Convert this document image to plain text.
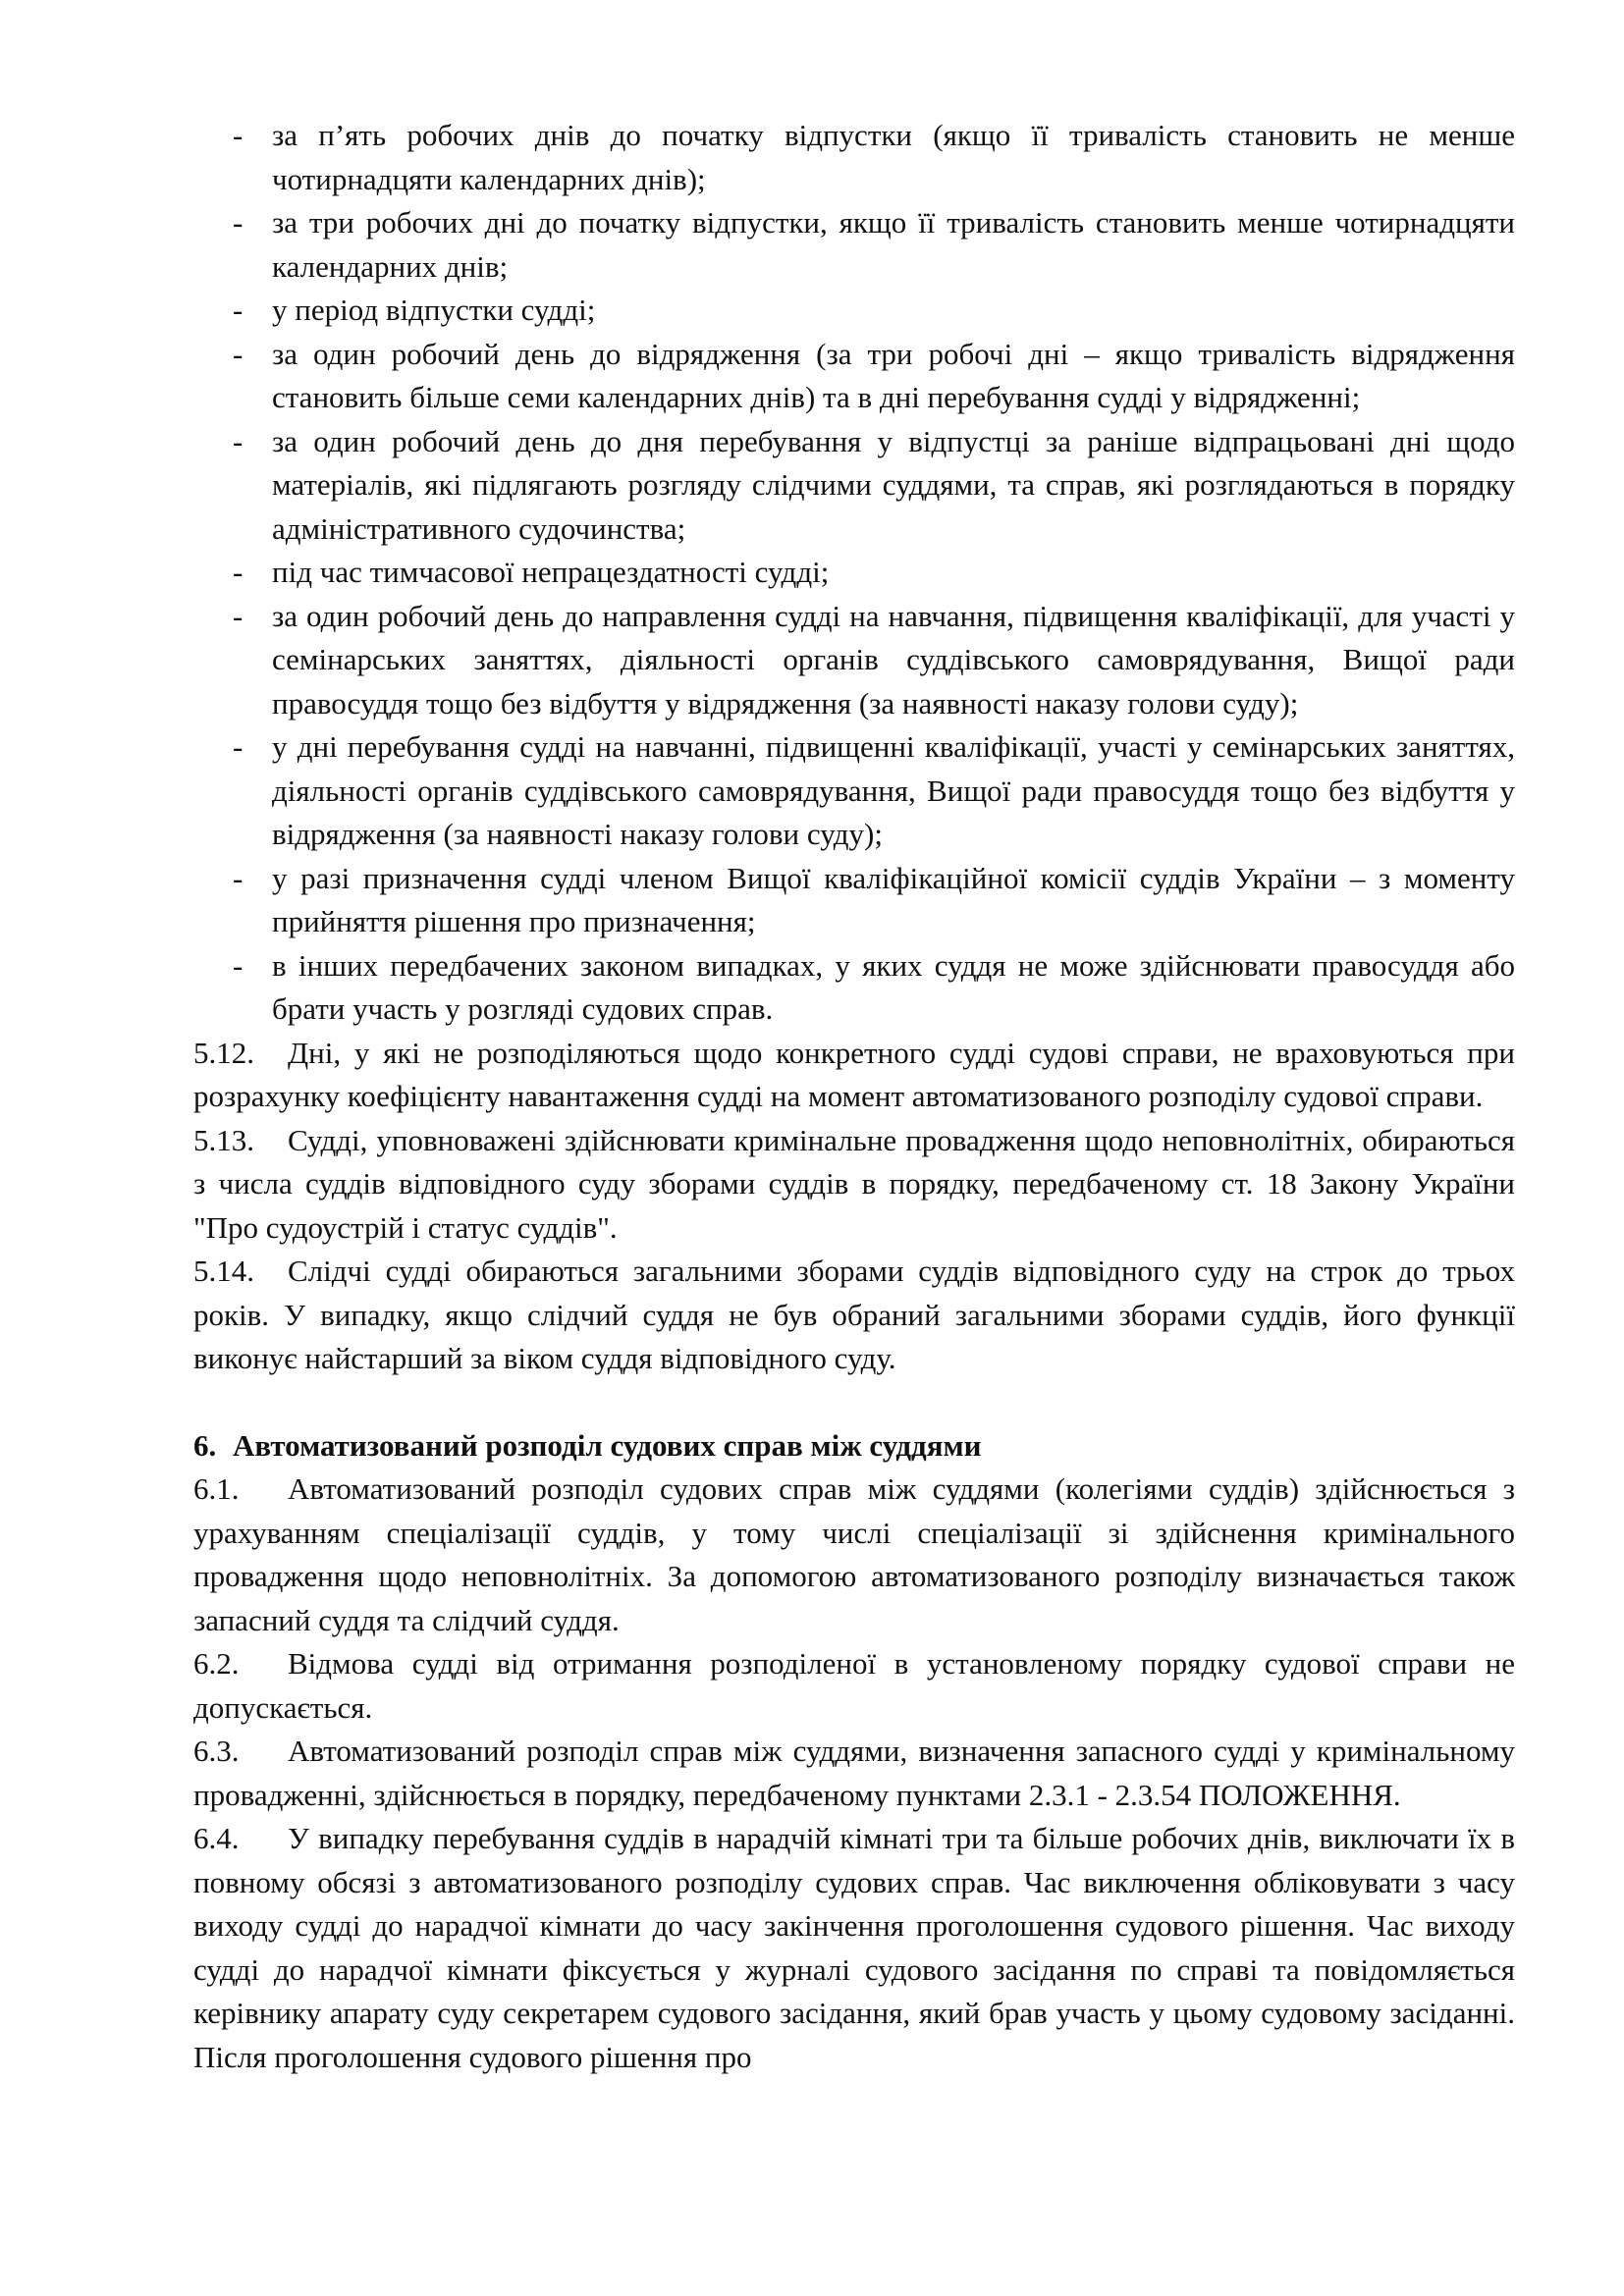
- за п’ять робочих днів до початку відпустки (якщо її тривалість становить не менше чотирнадцяти календарних днів);
- за три робочих дні до початку відпустки, якщо її тривалість становить менше чотирнадцяти календарних днів;
- у період відпустки судді;
- за один робочий день до відрядження (за три робочі дні – якщо тривалість відрядження становить більше семи календарних днів) та в дні перебування судді у відрядженні;
- за один робочий день до дня перебування у відпустці за раніше відпрацьовані дні щодо матеріалів, які підлягають розгляду слідчими суддями, та справ, які розглядаються в порядку адміністративного судочинства;
- під час тимчасової непрацездатності судді;
- за один робочий день до направлення судді на навчання, підвищення кваліфікації, для участі у семінарських заняттях, діяльності органів суддівського самоврядування, Вищої ради правосуддя тощо без відбуття у відрядження (за наявності наказу голови суду);
- у дні перебування судді на навчанні, підвищенні кваліфікації, участі у семінарських заняттях, діяльності органів суддівського самоврядування, Вищої ради правосуддя тощо без відбуття у відрядження (за наявності наказу голови суду);
- у разі призначення судді членом Вищої кваліфікаційної комісії суддів України – з моменту прийняття рішення про призначення;
- в інших передбачених законом випадках, у яких суддя не може здійснювати правосуддя або брати участь у розгляді судових справ.

5.12. Дні, у які не розподіляються щодо конкретного судді судові справи, не враховуються при розрахунку коефіцієнту навантаження судді на момент автоматизованого розподілу судової справи.

5.13. Судді, уповноважені здійснювати кримінальне провадження щодо неповнолітніх, обираються з числа суддів відповідного суду зборами суддів в порядку, передбаченому ст. 18 Закону України "Про судоустрій і статус суддів".

5.14. Слідчі судді обираються загальними зборами суддів відповідного суду на строк до трьох років. У випадку, якщо слідчий суддя не був обраний загальними зборами суддів, його функції виконує найстарший за віком суддя відповідного суду.

6. Автоматизований розподіл судових справ між суддями

6.1. Автоматизований розподіл судових справ між суддями (колегіями суддів) здійснюється з урахуванням спеціалізації суддів, у тому числі спеціалізації зі здійснення кримінального провадження щодо неповнолітніх. За допомогою автоматизованого розподілу визначається також запасний суддя та слідчий суддя.

6.2. Відмова судді від отримання розподіленої в установленому порядку судової справи не допускається.

6.3. Автоматизований розподіл справ між суддями, визначення запасного судді у кримінальному провадженні, здійснюється в порядку, передбаченому пунктами 2.3.1 - 2.3.54 ПОЛОЖЕННЯ.

6.4. У випадку перебування суддів в нарадчій кімнаті три та більше робочих днів, виключати їх в повному обсязі з автоматизованого розподілу судових справ. Час виключення обліковувати з часу виходу судді до нарадчої кімнати до часу закінчення проголошення судового рішення. Час виходу судді до нарадчої кімнати фіксується у журналі судового засідання по справі та повідомляється керівнику апарату суду секретарем судового засідання, який брав участь у цьому судовому засіданні. Після проголошення судового рішення про
